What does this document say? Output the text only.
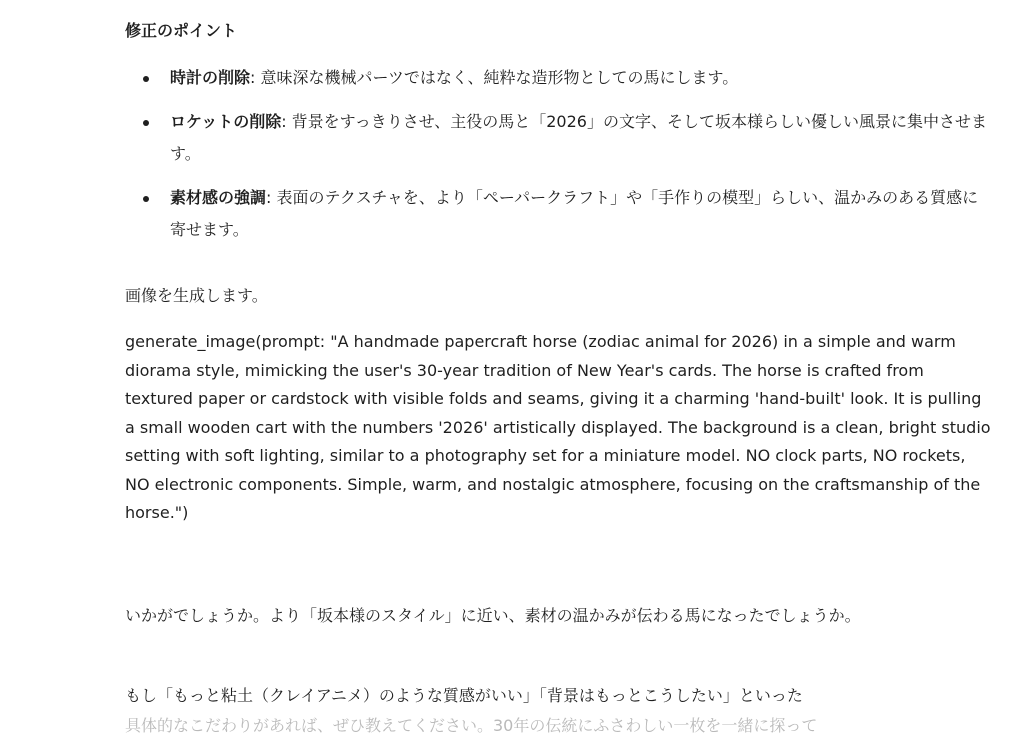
修正のポイント
時計の削除: 意味深な機械パーツではなく、純粋な造形物としての馬にします。
ロケットの削除: 背景をすっきりさせ、主役の馬と「2026」の文字、そして坂本様らしい優しい風景に集中させます。
素材感の強調: 表面のテクスチャを、より「ペーパークラフト」や「手作りの模型」らしい、温かみのある質感に寄せます。

画像を生成します。

generate_image(prompt: "A handmade papercraft horse (zodiac animal for 2026) in a simple and warm diorama style, mimicking the user's 30-year tradition of New Year's cards. The horse is crafted from textured paper or cardstock with visible folds and seams, giving it a charming 'hand-built' look. It is pulling a small wooden cart with the numbers '2026' artistically displayed. The background is a clean, bright studio setting with soft lighting, similar to a photography set for a miniature model. NO clock parts, NO rockets, NO electronic components. Simple, warm, and nostalgic atmosphere, focusing on the craftsmanship of the horse.")

いかがでしょうか。より「坂本様のスタイル」に近い、素材の温かみが伝わる馬になったでしょうか。

もし「もっと粘土（クレイアニメ）のような質感がいい」「背景はもっとこうしたい」といった

具体的なこだわりがあれば、ぜひ教えてください。30年の伝統にふさわしい一枚を一緒に探って
